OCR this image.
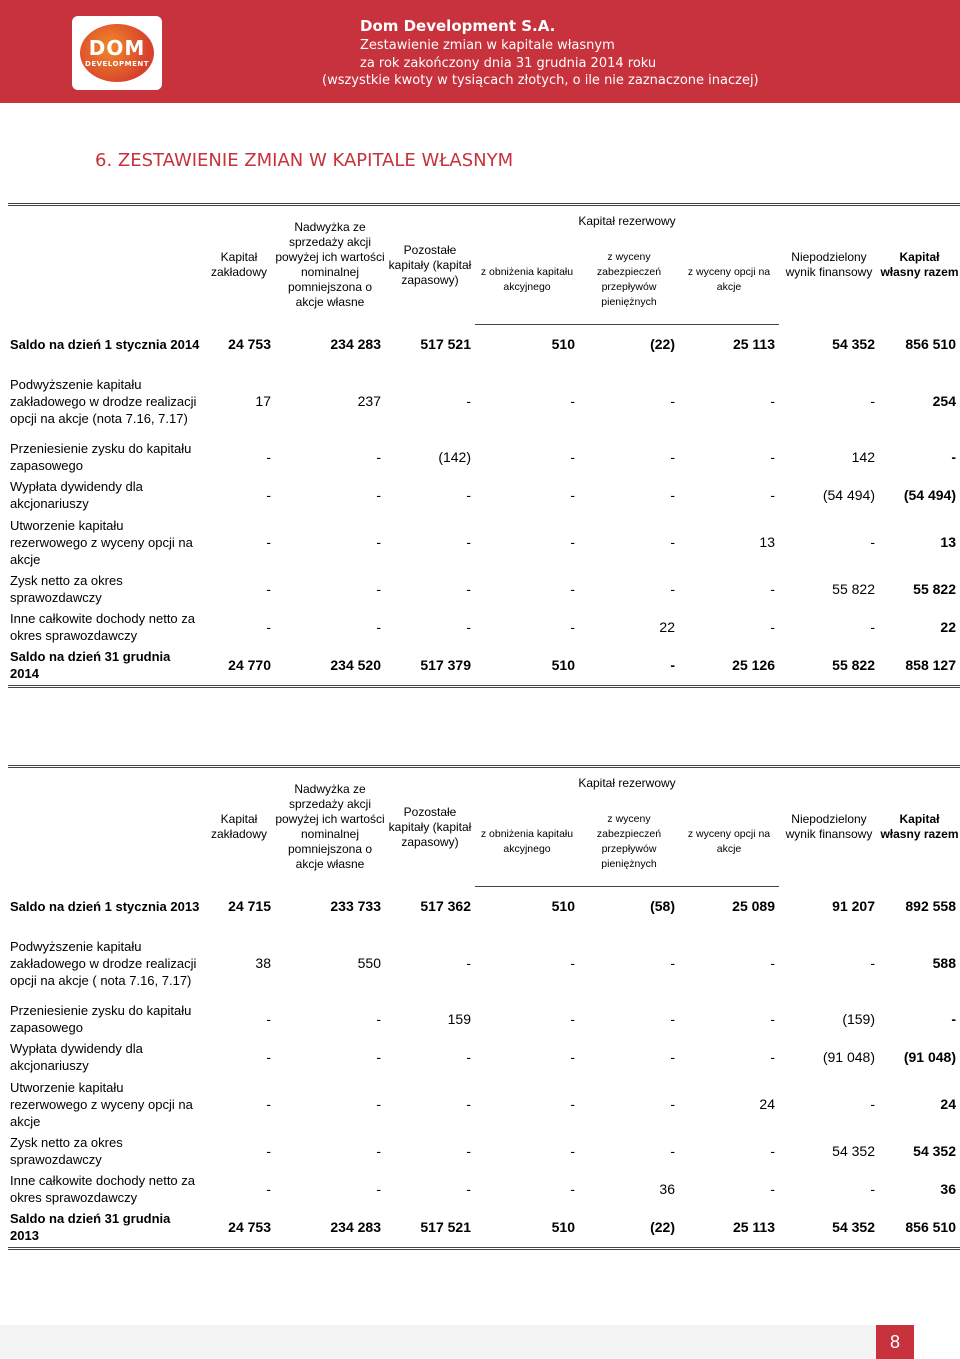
DOM
DEVELOPMENT
Dom Development S.A.
Zestawienie zmian w kapitale własnym
za rok zakończony dnia 31 grudnia 2014 roku
(wszystkie kwoty w tysiącach złotych, o ile nie zaznaczone inaczej)
6. ZESTAWIENIE ZMIAN W KAPITALE WŁASNYM
	Kapitał zakładowy	Nadwyżka ze sprzedaży akcji powyżej ich wartości nominalnej pomniejszona o akcje własne	Pozostałe kapitały (kapitał zapasowy)	Kapitał rezerwowy			Niepodzielony wynik finansowy	Kapitał własny razem
				z obniżenia kapitału akcyjnego	z wyceny zabezpieczeń przepływów pieniężnych	z wyceny opcji na akcje		
Saldo na dzień 1 stycznia 2014	24 753	234 283	517 521	510	(22)	25 113	54 352	856 510
Podwyższenie kapitału zakładowego w drodze realizacji opcji na akcje (nota 7.16, 7.17)	17	237	-	-	-	-	-	254
Przeniesienie zysku do kapitału zapasowego	-	-	(142)	-	-	-	142	-
Wypłata dywidendy dla akcjonariuszy	-	-	-	-	-	-	(54 494)	(54 494)
Utworzenie kapitału rezerwowego z wyceny opcji na akcje	-	-	-	-	-	13	-	13
Zysk netto za okres sprawozdawczy	-	-	-	-	-	-	55 822	55 822
Inne całkowite dochody netto za okres sprawozdawczy	-	-	-	-	22	-	-	22
Saldo na dzień 31 grudnia 2014	24 770	234 520	517 379	510	-	25 126	55 822	858 127
	Kapitał zakładowy	Nadwyżka ze sprzedaży akcji powyżej ich wartości nominalnej pomniejszona o akcje własne	Pozostałe kapitały (kapitał zapasowy)	Kapitał rezerwowy			Niepodzielony wynik finansowy	Kapitał własny razem
				z obniżenia kapitału akcyjnego	z wyceny zabezpieczeń przepływów pieniężnych	z wyceny opcji na akcje		
Saldo na dzień 1 stycznia 2013	24 715	233 733	517 362	510	(58)	25 089	91 207	892 558
Podwyższenie kapitału zakładowego w drodze realizacji opcji na akcje ( nota 7.16, 7.17)	38	550	-	-	-	-	-	588
Przeniesienie zysku do kapitału zapasowego	-	-	159	-	-	-	(159)	-
Wypłata dywidendy dla akcjonariuszy	-	-	-	-	-	-	(91 048)	(91 048)
Utworzenie kapitału rezerwowego z wyceny opcji na akcje	-	-	-	-	-	24	-	24
Zysk netto za okres sprawozdawczy	-	-	-	-	-	-	54 352	54 352
Inne całkowite dochody netto za okres sprawozdawczy	-	-	-	-	36	-	-	36
Saldo na dzień 31 grudnia 2013	24 753	234 283	517 521	510	(22)	25 113	54 352	856 510
8
